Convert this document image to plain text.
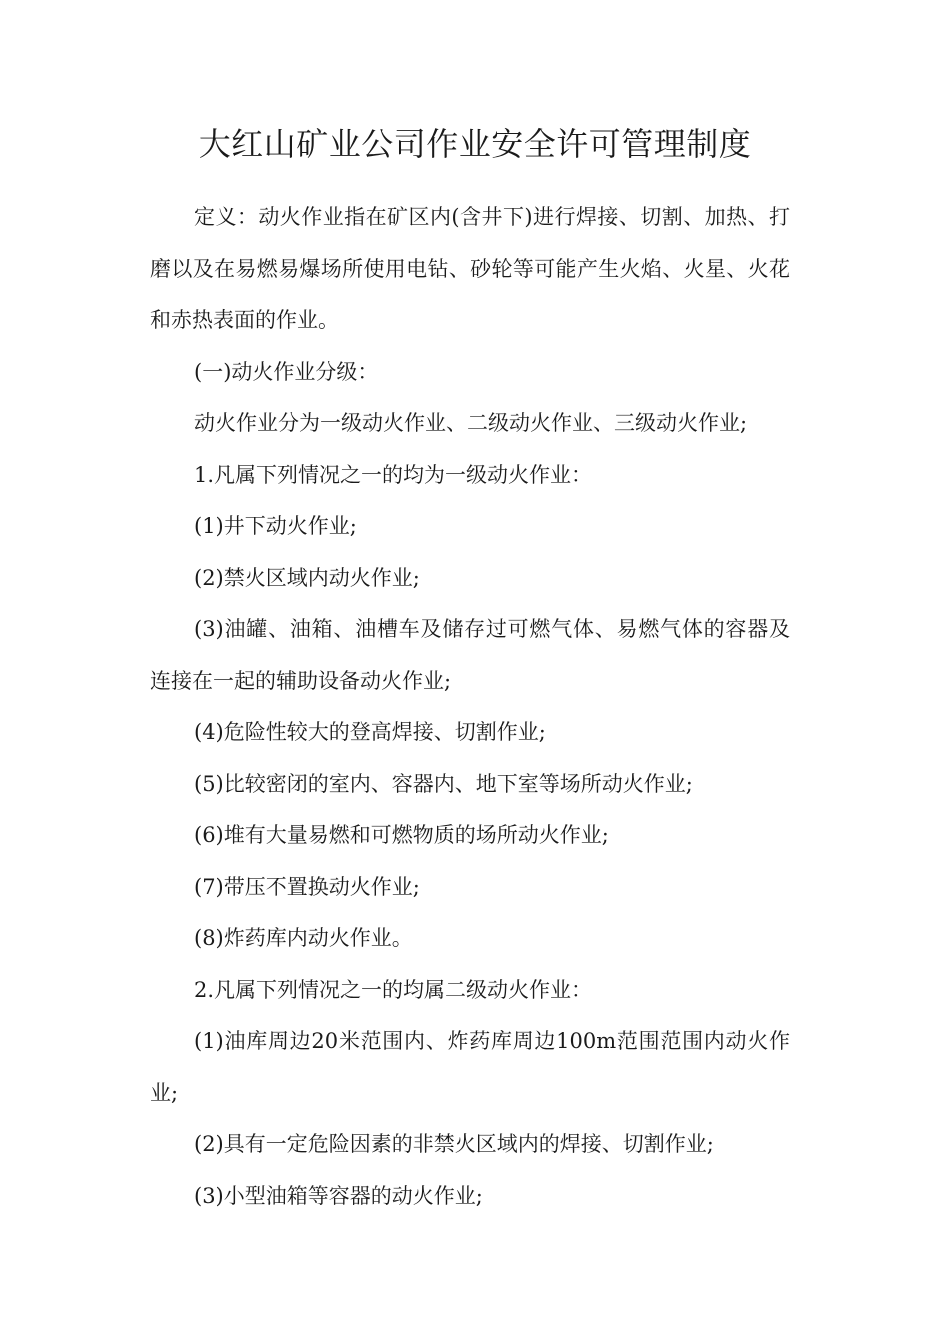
大红山矿业公司作业安全许可管理制度

定义：动火作业指在矿区内(含井下)进行焊接、切割、加热、打磨以及在易燃易爆场所使用电钻、砂轮等可能产生火焰、火星、火花和赤热表面的作业。

(一)动火作业分级：

动火作业分为一级动火作业、二级动火作业、三级动火作业;

1.凡属下列情况之一的均为一级动火作业：

(1)井下动火作业;

(2)禁火区域内动火作业;

(3)油罐、油箱、油槽车及储存过可燃气体、易燃气体的容器及连接在一起的辅助设备动火作业;

(4)危险性较大的登高焊接、切割作业;

(5)比较密闭的室内、容器内、地下室等场所动火作业;

(6)堆有大量易燃和可燃物质的场所动火作业;

(7)带压不置换动火作业;

(8)炸药库内动火作业。

2.凡属下列情况之一的均属二级动火作业：

(1)油库周边20米范围内、炸药库周边100m范围范围内动火作业;

(2)具有一定危险因素的非禁火区域内的焊接、切割作业;

(3)小型油箱等容器的动火作业;
